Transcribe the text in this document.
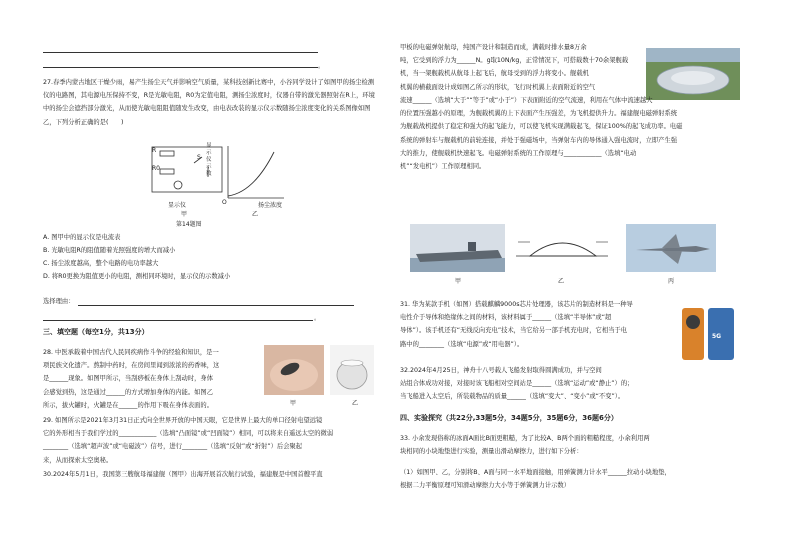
。

27.春季内蒙古地区干燥少雨，易产生扬尘天气并影响空气质量，某科技创新比赛中，小谷同学设计了如图甲的扬尘检测仪的电路图，其电源电压保持不变，R是光敏电阻，R0为定值电阻，测扬尘浓度时，仪器自带的激光器照射在R上，环境中的扬尘会遮挡部分激光，从而使光敏电阻阻值随发生改变，由电表改装的显示仪示数随扬尘浓度变化的关系图像如图乙，下列分析正确的是(　　)

R
R0
S
显示仪
甲
显示仪示数
O	扬尘浓度
乙
第14题图

A. 图甲中的显示仪是电流表

B. 光敏电阻R的阻值随着光照强度的增大而减小

C. 扬尘浓度越高，整个电路的电功率越大

D. 将R0更换为阻值更小的电阻，测相同环境时，显示仪的示数减小

选择理由：
。
三、填空题（每空1分，共13分）

28. 中医承载着中国古代人民同疾病作斗争的经验和知识，是一

项民族文化遗产。熬制中药时，在房间里闻到浓浓的药香味，这

是______现象。如图甲所示，当刮痧板在身体上刮动时，身体

会感觉到热，这是通过______的方式增加身体的内能。如图乙

所示，拔火罐时，火罐是在______的作用下吸在身体表面的。	甲	乙

29. 如图所示是2021年3月31日正式向全世界开放的中国天眼，它是世界上最大的单口径射电望远镜

它的外形相当于我们学过的____________（选填“凸面镜”或“凹面镜”）相同，可以将来自遥远太空的微弱

________（选填“超声波”或“电磁波”）信号，进行________（选填“反射”或“折射”）后会聚起

来，从而探索太空奥秘。

30.2024年5月1日，我国第三艘航母福建舰（图甲）出海开展首次航行试验，福建舰是中国首艘平直

甲板的电磁弹射航母，纯国产设计和制造而成，满载时排水量8万余

吨，它受到的浮力为______N。g取10N/kg，正常情况下，可搭载数十70余架舰载

机，当一架舰载机从航母上起飞后，航母受到的浮力将变小。舰载机

机翼的横截面设计成如图乙所示的形状，飞行时机翼上表面附近的空气

流速______（选填“大于”“等于”或“小于”）下表面附近的空气流速，利用在气体中流速越大

的位置压强越小的原理，为舰载机翼的上下表面产生压强差，为飞机提供升力。福建舰电磁弹射系统

为舰载战机提供了稳定和强大的起飞能力，可以使飞机实现满载起飞，保证100%的起飞成功率。电磁

系统的弹射车与舰载机的前轮连接，并处于强磁场中，当弹射车内的导体通入强电流时，立即产生强

大的推力，使舰载机快速起飞。电磁弹射系统的工作原理与____________（选填“电动

机”“发电机”）工作原理相同。

甲	乙	丙

31. 华为某款手机（如图）搭载麒麟9000s芯片处理器，该芯片的制造材料是一种导

电性介于导体和绝缘体之间的材料，该材料属于______（选填“半导体”或“超

导体”）。该手机还有“无线反向充电”技术，当它给另一部手机充电时，它相当于电

路中的________（选填“电源”或“用电器”）。

5G

32.2024年4月25日，神舟十八号载人飞船发射取得圆满成功，并与空间

站组合体成功对接，对接时该飞船相对空间站是______（选填“运动”或“静止”）的；

当飞船进入太空后，所装载物品的质量______（选填“变大”、“变小”或“不变”）。

四、实验探究（共22分,33题5分，34题5分，35题6分，36题6分）

33. 小余发现俗称的冰面A面比B面更粗糙，为了比较A、B两个面的粗糙程度，小余利用两

块相同的小块地垫进行实验，测量出滑动摩擦力，进行如下分析：

（1）如图甲、乙，分别将B、A面与同一水平地面接触，用弹簧测力计水平______拉动小块地垫，

根据二力平衡原理可知滑动摩擦力大小等于弹簧测力计示数）
